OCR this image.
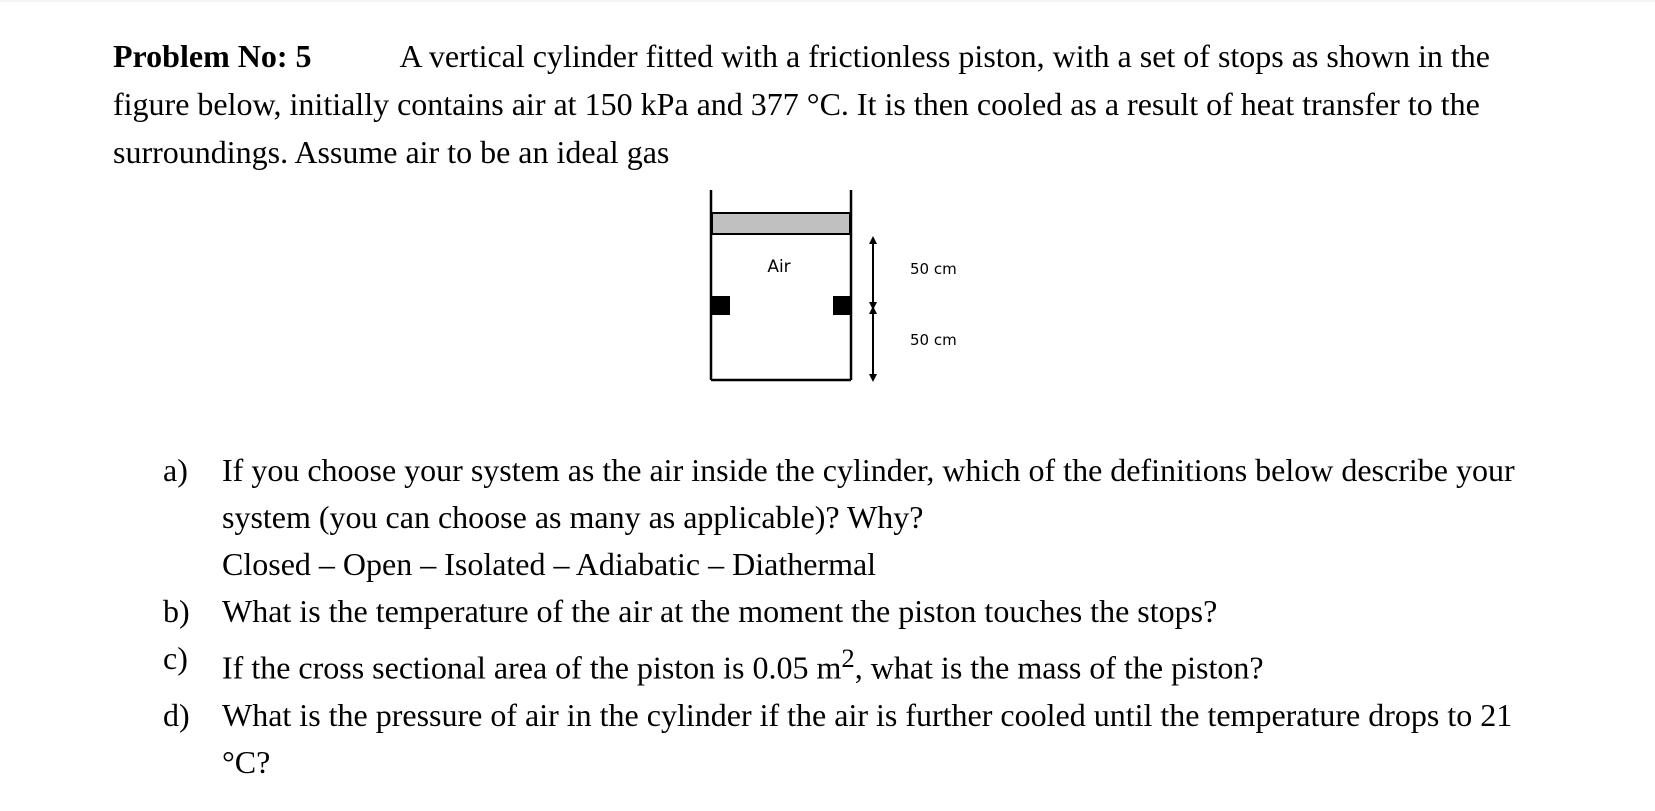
Problem No: 5	A vertical cylinder fitted with a frictionless piston, with a set of stops as shown in the figure below, initially contains air at 150 kPa and 377 °C. It is then cooled as a result of heat transfer to the surroundings. Assume air to be an ideal gas
Air	50 cm
50 cm
a) If you choose your system as the air inside the cylinder, which of the definitions below describe your system (you can choose as many as applicable)? Why?
Closed – Open – Isolated – Adiabatic – Diathermal
b) What is the temperature of the air at the moment the piston touches the stops?
c) If the cross sectional area of the piston is 0.05 $m^2$, what is the mass of the piston?
d) What is the pressure of air in the cylinder if the air is further cooled until the temperature drops to 21 °C?
